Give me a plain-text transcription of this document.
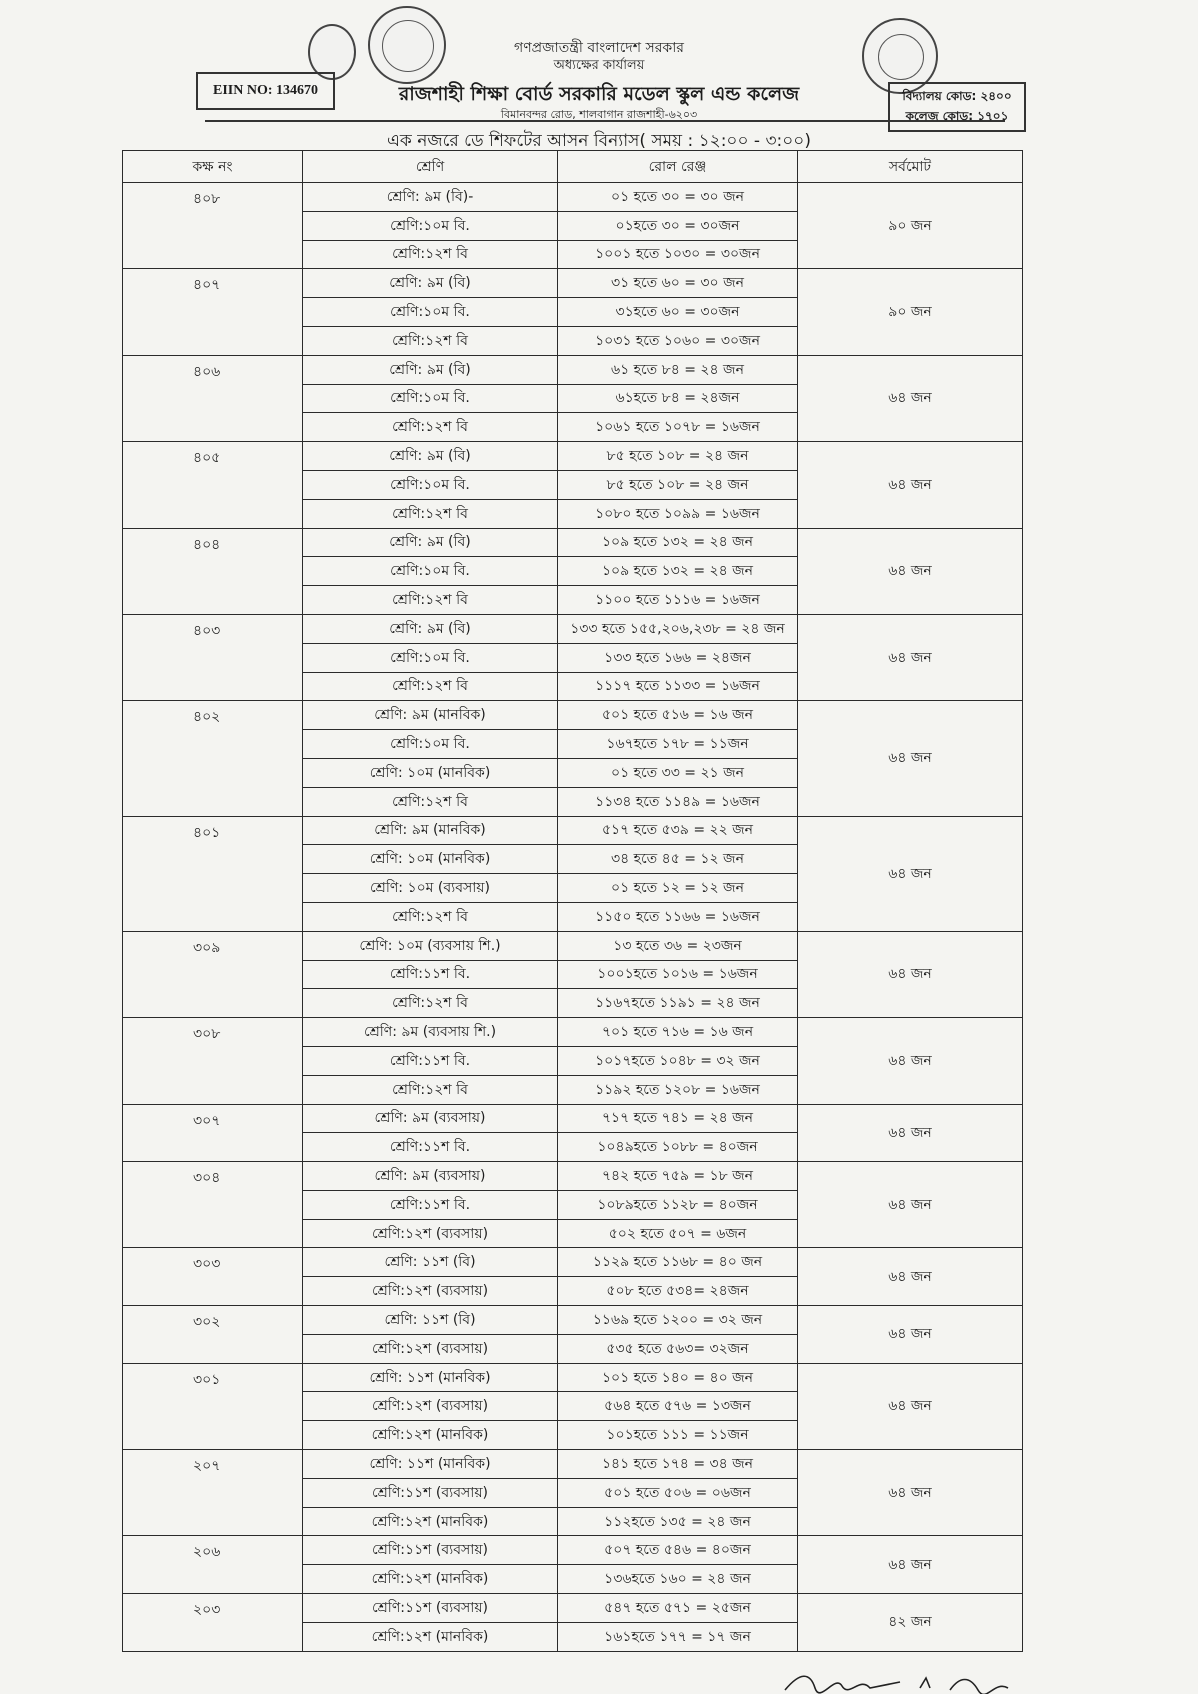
EIIN NO: 134670
গণপ্রজাতন্ত্রী বাংলাদেশ সরকার
অধ্যক্ষের কার্যালয়
রাজশাহী শিক্ষা বোর্ড সরকারি মডেল স্কুল এন্ড কলেজ
বিমানবন্দর রোড, শালবাগান রাজশাহী-৬২০৩
বিদ্যালয় কোড: ২৪০০
কলেজ কোড: ১৭০১
এক নজরে ডে শিফটের আসন বিন্যাস( সময় : ১২:০০ - ৩:০০)
কক্ষ নং	শ্রেণি	রোল রেঞ্জ	সর্বমোট
৪০৮	শ্রেণি: ৯ম (বি)-	০১ হতে ৩০ = ৩০ জন	৯০ জন
	শ্রেণি:১০ম বি.	০১হতে ৩০ = ৩০জন	
	শ্রেণি:১২শ বি	১০০১ হতে ১০৩০ = ৩০জন	
৪০৭	শ্রেণি: ৯ম (বি)	৩১ হতে ৬০ = ৩০ জন	৯০ জন
	শ্রেণি:১০ম বি.	৩১হতে ৬০ = ৩০জন	
	শ্রেণি:১২শ বি	১০৩১ হতে ১০৬০ = ৩০জন	
৪০৬	শ্রেণি: ৯ম (বি)	৬১ হতে ৮৪ = ২৪ জন	৬৪ জন
	শ্রেণি:১০ম বি.	৬১হতে ৮৪ = ২৪জন	
	শ্রেণি:১২শ বি	১০৬১ হতে ১০৭৮ = ১৬জন	
৪০৫	শ্রেণি: ৯ম (বি)	৮৫ হতে ১০৮ = ২৪ জন	৬৪ জন
	শ্রেণি:১০ম বি.	৮৫ হতে ১০৮ = ২৪ জন	
	শ্রেণি:১২শ বি	১০৮০ হতে ১০৯৯ = ১৬জন	
৪০৪	শ্রেণি: ৯ম (বি)	১০৯ হতে ১৩২ = ২৪ জন	৬৪ জন
	শ্রেণি:১০ম বি.	১০৯ হতে ১৩২ = ২৪ জন	
	শ্রেণি:১২শ বি	১১০০ হতে ১১১৬ = ১৬জন	
৪০৩	শ্রেণি: ৯ম (বি)	১৩৩ হতে ১৫৫,২০৬,২৩৮ = ২৪ জন	৬৪ জন
	শ্রেণি:১০ম বি.	১৩৩ হতে ১৬৬ = ২৪জন	
	শ্রেণি:১২শ বি	১১১৭ হতে ১১৩৩ = ১৬জন	
৪০২	শ্রেণি: ৯ম (মানবিক)	৫০১ হতে ৫১৬ = ১৬ জন	৬৪ জন
	শ্রেণি:১০ম বি.	১৬৭হতে ১৭৮ = ১১জন	
	শ্রেণি: ১০ম (মানবিক)	০১ হতে ৩৩ = ২১ জন	
	শ্রেণি:১২শ বি	১১৩৪ হতে ১১৪৯ = ১৬জন	
৪০১	শ্রেণি: ৯ম (মানবিক)	৫১৭ হতে ৫৩৯ = ২২ জন	৬৪ জন
	শ্রেণি: ১০ম (মানবিক)	৩৪ হতে ৪৫ = ১২ জন	
	শ্রেণি: ১০ম (ব্যবসায়)	০১ হতে ১২ = ১২ জন	
	শ্রেণি:১২শ বি	১১৫০ হতে ১১৬৬ = ১৬জন	
৩০৯	শ্রেণি: ১০ম (ব্যবসায় শি.)	১৩ হতে ৩৬ = ২৩জন	৬৪ জন
	শ্রেণি:১১শ বি.	১০০১হতে ১০১৬ = ১৬জন	
	শ্রেণি:১২শ বি	১১৬৭হতে ১১৯১ = ২৪ জন	
৩০৮	শ্রেণি: ৯ম (ব্যবসায় শি.)	৭০১ হতে ৭১৬ = ১৬ জন	৬৪ জন
	শ্রেণি:১১শ বি.	১০১৭হতে ১০৪৮ = ৩২ জন	
	শ্রেণি:১২শ বি	১১৯২ হতে ১২০৮ = ১৬জন	
৩০৭	শ্রেণি: ৯ম (ব্যবসায়)	৭১৭ হতে ৭৪১ = ২৪ জন	৬৪ জন
	শ্রেণি:১১শ বি.	১০৪৯হতে ১০৮৮ = ৪০জন	
৩০৪	শ্রেণি: ৯ম (ব্যবসায়)	৭৪২ হতে ৭৫৯ = ১৮ জন	৬৪ জন
	শ্রেণি:১১শ বি.	১০৮৯হতে ১১২৮ = ৪০জন	
	শ্রেণি:১২শ (ব্যবসায়)	৫০২ হতে ৫০৭ = ৬জন	
৩০৩	শ্রেণি: ১১শ (বি)	১১২৯ হতে ১১৬৮ = ৪০ জন	৬৪ জন
	শ্রেণি:১২শ (ব্যবসায়)	৫০৮ হতে ৫৩৪= ২৪জন	
৩০২	শ্রেণি: ১১শ (বি)	১১৬৯ হতে ১২০০ = ৩২ জন	৬৪ জন
	শ্রেণি:১২শ (ব্যবসায়)	৫৩৫ হতে ৫৬৩= ৩২জন	
৩০১	শ্রেণি: ১১শ (মানবিক)	১০১ হতে ১৪০ = ৪০ জন	৬৪ জন
	শ্রেণি:১২শ (ব্যবসায়)	৫৬৪ হতে ৫৭৬ = ১৩জন	
	শ্রেণি:১২শ (মানবিক)	১০১হতে ১১১ = ১১জন	
২০৭	শ্রেণি: ১১শ (মানবিক)	১৪১ হতে ১৭৪ = ৩৪ জন	৬৪ জন
	শ্রেণি:১১শ (ব্যবসায়)	৫০১ হতে ৫০৬ = ০৬জন	
	শ্রেণি:১২শ (মানবিক)	১১২হতে ১৩৫ = ২৪ জন	
২০৬	শ্রেণি:১১শ (ব্যবসায়)	৫০৭ হতে ৫৪৬ = ৪০জন	৬৪ জন
	শ্রেণি:১২শ (মানবিক)	১৩৬হতে ১৬০ = ২৪ জন	
২০৩	শ্রেণি:১১শ (ব্যবসায়)	৫৪৭ হতে ৫৭১ = ২৫জন	৪২ জন
	শ্রেণি:১২শ (মানবিক)	১৬১হতে ১৭৭ = ১৭ জন	
